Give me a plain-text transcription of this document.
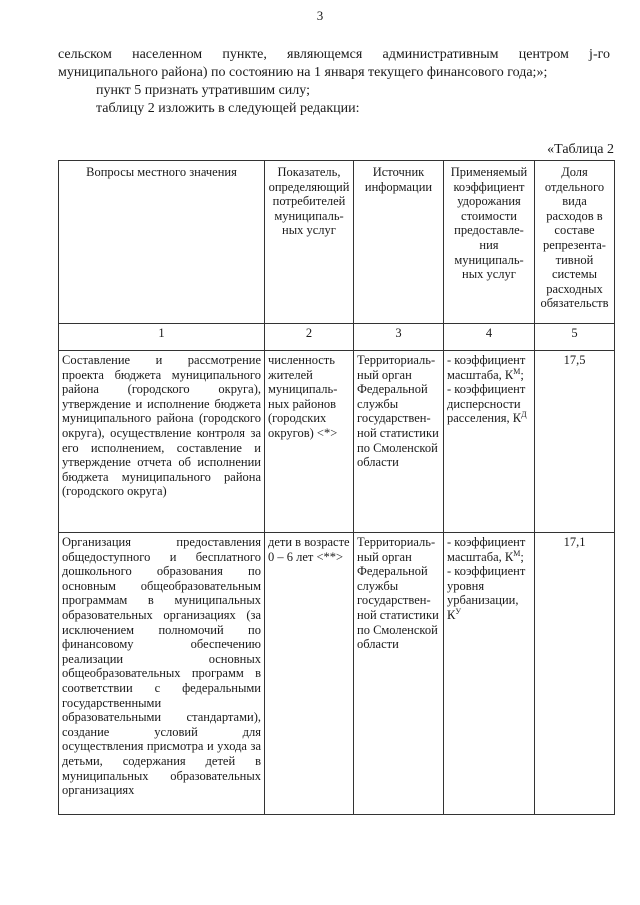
3

сельском населенном пункте, являющемся административным центром j-го

муниципального района) по состоянию на 1 января текущего финансового года;»;

пункт 5 признать утратившим силу;

таблицу 2 изложить в следующей редакции:

«Таблица 2
Вопросы местного значения	Показатель, определяющий потребителей муниципаль-ных услуг	Источник информации	Применяемый коэффициент удорожания стоимости предоставле-ния муниципаль-ных услуг	Доля отдельного вида расходов в составе репрезента-тивной системы расходных обязательств
1	2	3	4	5
Составление и рассмотрение проекта бюджета муниципального района (городского округа), утверждение и исполнение бюджета муниципального района (городского округа), осуществление контроля за его исполнением, составление и утверждение отчета об исполнении бюджета муниципального района (городского округа)	численность жителей муниципаль-ных районов (городских округов) <*>	Территориаль-ный орган Федеральной службы государствен-ной статистики по Смоленской области	- коэффициент масштаба, $К^М$;
- коэффициент дисперсности расселения, $К^Д$	17,5
Организация предоставления общедоступного и бесплатного дошкольного образования по основным общеобразовательным программам в муниципальных образовательных организациях (за исключением полномочий по финансовому обеспечению реализации основных общеобразовательных программ в соответствии с федеральными государственными образовательными стандартами), создание условий для осуществления присмотра и ухода за детьми, содержания детей в муниципальных образовательных организациях	дети в возрасте 0 – 6 лет <**>	Территориаль-ный орган Федеральной службы государствен-ной статистики по Смоленской области	- коэффициент масштаба, $К^М$;
- коэффициент уровня урбанизации, $К^У$	17,1
